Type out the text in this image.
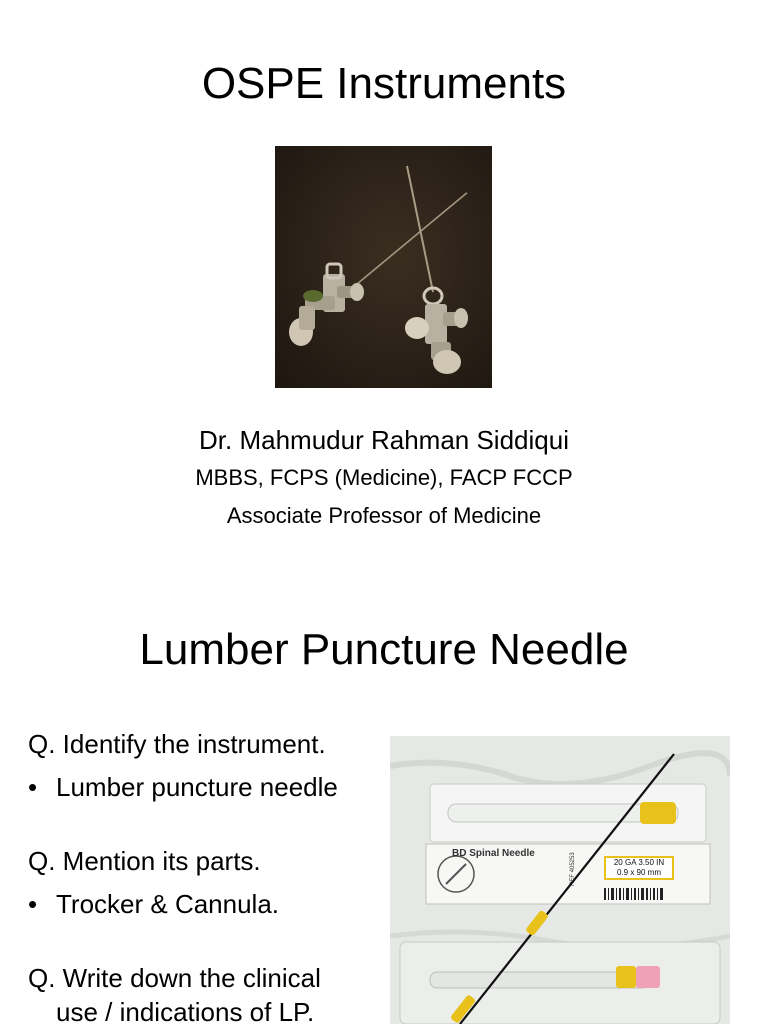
OSPE Instruments
Dr. Mahmudur Rahman Siddiqui
MBBS, FCPS (Medicine), FACP FCCP
Associate Professor of Medicine
Lumber Puncture Needle
Q. Identify the instrument.
• Lumber puncture needle
Q. Mention its parts.
• Trocker & Cannula.
Q. Write down the clinical
use / indications of LP.
BD Spinal Needle
20 GA 3.50 IN
0.9 x 90 mm
REF 405253
